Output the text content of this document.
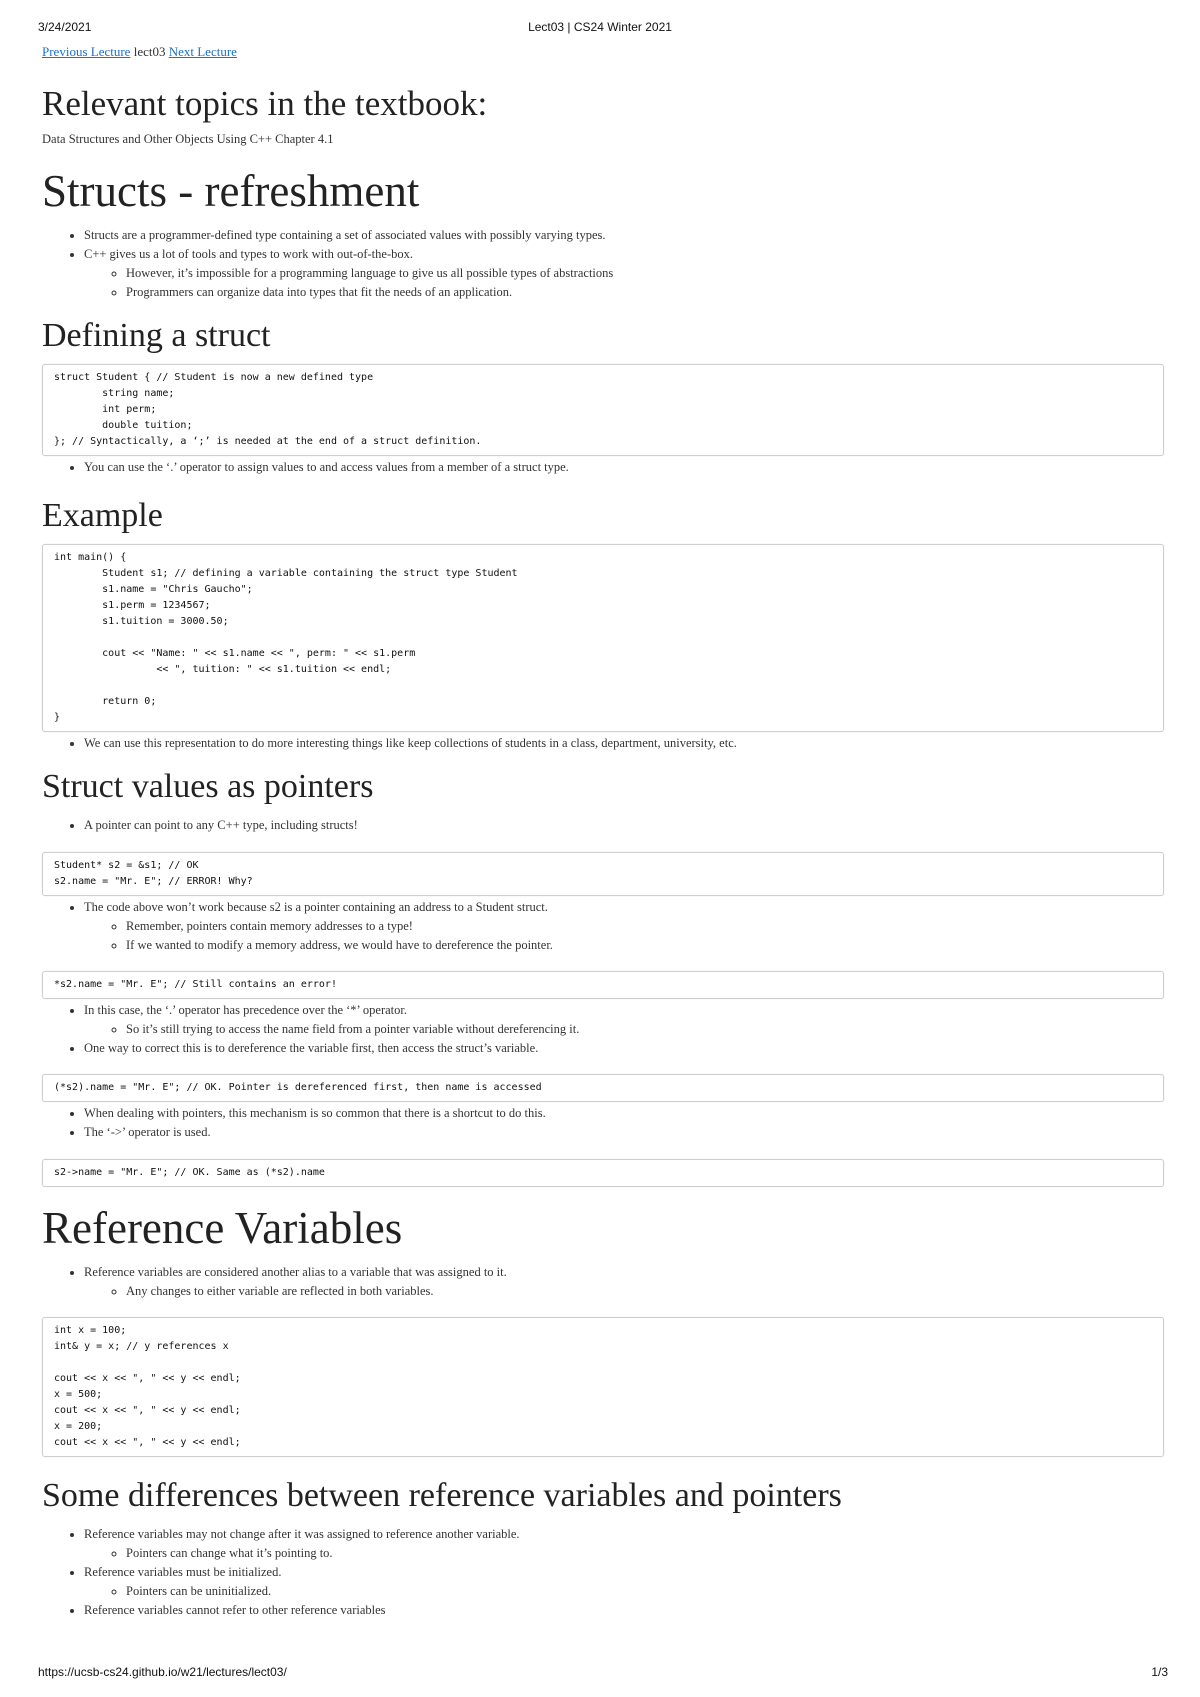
3/24/2021	Lect03 | CS24 Winter 2021
Previous Lecture lect03 Next Lecture
Relevant topics in the textbook:

Data Structures and Other Objects Using C++ Chapter 4.1

Structs - refreshment
• Structs are a programmer-defined type containing a set of associated values with possibly varying types.
• C++ gives us a lot of tools and types to work with out-of-the-box.
◦ However, it’s impossible for a programming language to give us all possible types of abstractions
◦ Programmers can organize data into types that fit the needs of an application.
Defining a struct
struct Student { // Student is now a new defined type
string name;
int perm;
double tuition;
}; // Syntactically, a ‘;’ is needed at the end of a struct definition.
• You can use the ‘.’ operator to assign values to and access values from a member of a struct type.
Example
int main() {
Student s1; // defining a variable containing the struct type Student
s1.name = "Chris Gaucho";
s1.perm = 1234567;
s1.tuition = 3000.50;

cout << "Name: " << s1.name << ", perm: " << s1.perm
<< ", tuition: " << s1.tuition << endl;

return 0;
}
• We can use this representation to do more interesting things like keep collections of students in a class, department, university, etc.
Struct values as pointers
• A pointer can point to any C++ type, including structs!
Student* s2 = &s1; // OK
s2.name = "Mr. E"; // ERROR! Why?
• The code above won’t work because s2 is a pointer containing an address to a Student struct.
◦ Remember, pointers contain memory addresses to a type!
◦ If we wanted to modify a memory address, we would have to dereference the pointer.
*s2.name = "Mr. E"; // Still contains an error!
• In this case, the ‘.’ operator has precedence over the ‘*’ operator.
◦ So it’s still trying to access the name field from a pointer variable without dereferencing it.
• One way to correct this is to dereference the variable first, then access the struct’s variable.
(*s2).name = "Mr. E"; // OK. Pointer is dereferenced first, then name is accessed
• When dealing with pointers, this mechanism is so common that there is a shortcut to do this.
• The ‘->’ operator is used.
s2->name = "Mr. E"; // OK. Same as (*s2).name
Reference Variables
• Reference variables are considered another alias to a variable that was assigned to it.
◦ Any changes to either variable are reflected in both variables.
int x = 100;
int& y = x; // y references x

cout << x << ", " << y << endl;
x = 500;
cout << x << ", " << y << endl;
x = 200;
cout << x << ", " << y << endl;
Some differences between reference variables and pointers
• Reference variables may not change after it was assigned to reference another variable.
◦ Pointers can change what it’s pointing to.
• Reference variables must be initialized.
◦ Pointers can be uninitialized.
• Reference variables cannot refer to other reference variables
https://ucsb-cs24.github.io/w21/lectures/lect03/	1/3
